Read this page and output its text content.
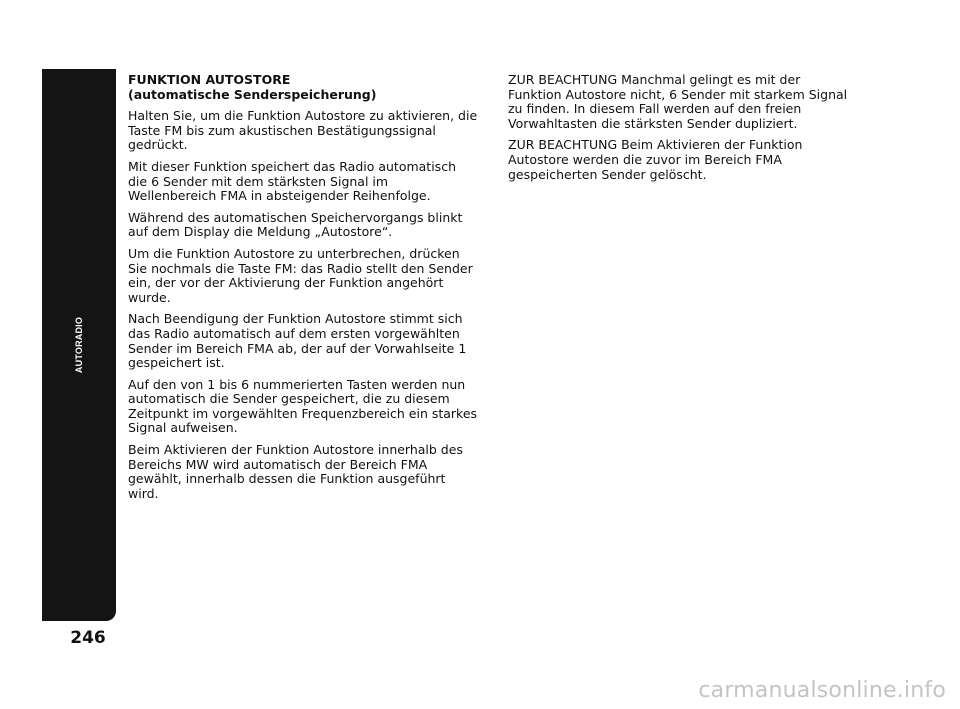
AUTORADIO
246
FUNKTION AUTOSTORE
(automatische Senderspeicherung)

Halten Sie, um die Funktion Autostore zu aktivieren, die Taste FM bis zum akustischen Bestätigungssignal gedrückt.

Mit dieser Funktion speichert das Radio automatisch die 6 Sender mit dem stärksten Signal im Wellenbereich FMA in absteigender Reihenfolge.

Während des automatischen Speichervorgangs blinkt auf dem Display die Meldung „Autostore“.

Um die Funktion Autostore zu unterbrechen, drücken Sie nochmals die Taste FM: das Radio stellt den Sender ein, der vor der Aktivierung der Funktion angehört wurde.

Nach Beendigung der Funktion Autostore stimmt sich das Radio automatisch auf dem ersten vorgewählten Sender im Bereich FMA ab, der auf der Vorwahlseite 1 gespeichert ist.

Auf den von 1 bis 6 nummerierten Tasten werden nun automatisch die Sender gespeichert, die zu diesem Zeitpunkt im vorgewählten Frequenzbereich ein starkes Signal aufweisen.

Beim Aktivieren der Funktion Autostore innerhalb des Bereichs MW wird automatisch der Bereich FMA gewählt, innerhalb dessen die Funktion ausgeführt wird.

ZUR BEACHTUNG Manchmal gelingt es mit der Funktion Autostore nicht, 6 Sender mit starkem Signal zu finden. In diesem Fall werden auf den freien Vorwahltasten die stärksten Sender dupliziert.

ZUR BEACHTUNG Beim Aktivieren der Funktion Autostore werden die zuvor im Bereich FMA gespeicherten Sender gelöscht.

carmanualsonline.info
